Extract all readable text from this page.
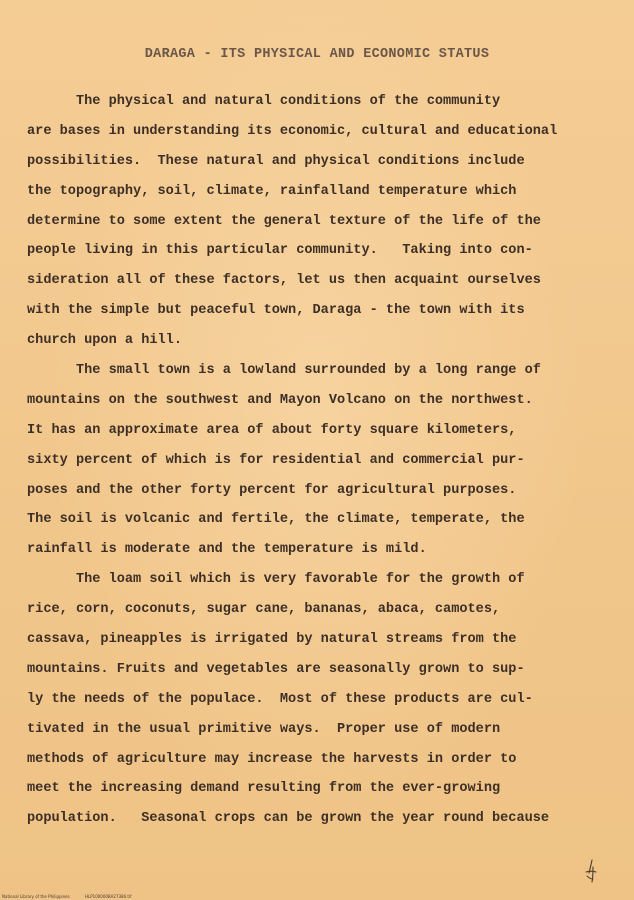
DARAGA - ITS PHYSICAL AND ECONOMIC STATUS
The physical and natural conditions of the community
are bases in understanding its economic, cultural and educational
possibilities.  These natural and physical conditions include
the topography, soil, climate, rainfalland temperature which
determine to some extent the general texture of the life of the
people living in this particular community.   Taking into con-
sideration all of these factors, let us then acquaint ourselves
with the simple but peaceful town, Daraga - the town with its
church upon a hill.
The small town is a lowland surrounded by a long range of
mountains on the southwest and Mayon Volcano on the northwest.
It has an approximate area of about forty square kilometers,
sixty percent of which is for residential and commercial pur-
poses and the other forty percent for agricultural purposes.
The soil is volcanic and fertile, the climate, temperate, the
rainfall is moderate and the temperature is mild.
The loam soil which is very favorable for the growth of
rice, corn, coconuts, sugar cane, bananas, abaca, camotes,
cassava, pineapples is irrigated by natural streams from the
mountains. Fruits and vegetables are seasonally grown to sup-
ly the needs of the populace.  Most of these products are cul-
tivated in the usual primitive ways.  Proper use of modern
methods of agriculture may increase the harvests in order to
meet the increasing demand resulting from the ever-growing
population.   Seasonal crops can be grown the year round because
National Library of the Philippines	HLP100000BA27386.tif
